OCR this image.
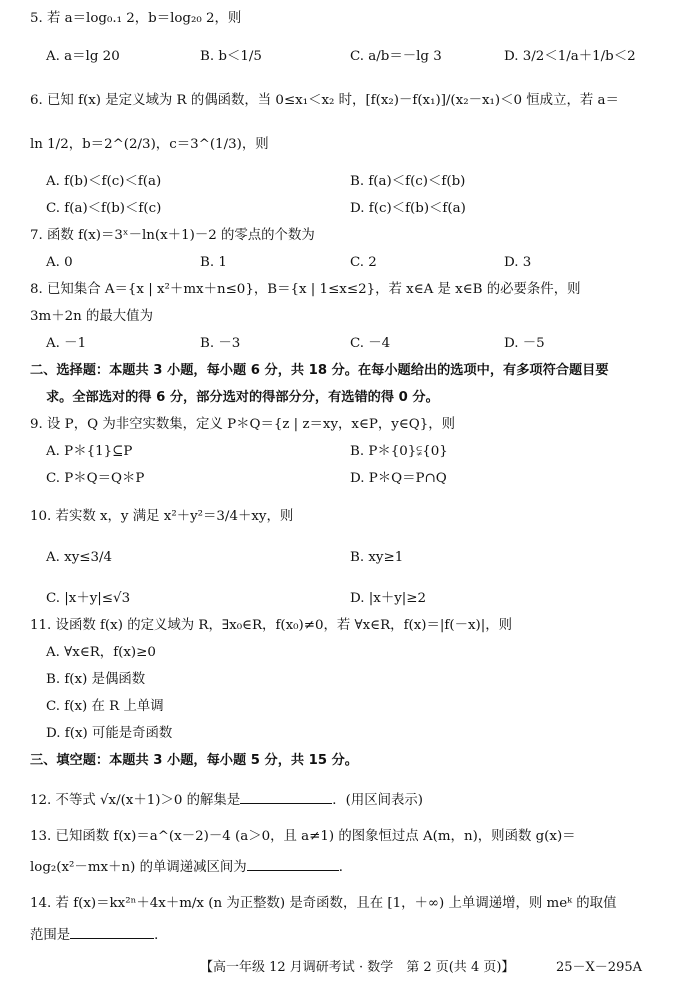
5. 若 a＝log₀.₁ 2，b＝log₂₀ 2，则
A. a＝lg 20	B. b＜1/5	C. a/b＝－lg 3	D. 3/2＜1/a＋1/b＜2
6. 已知 f(x) 是定义域为 R 的偶函数，当 0≤x₁＜x₂ 时，[f(x₂)－f(x₁)]/(x₂－x₁)＜0 恒成立，若 a＝
ln 1/2，b＝2^(2/3)，c＝3^(1/3)，则
A. f(b)＜f(c)＜f(a)	B. f(a)＜f(c)＜f(b)
C. f(a)＜f(b)＜f(c)	D. f(c)＜f(b)＜f(a)
7. 函数 f(x)＝3ˣ－ln(x＋1)－2 的零点的个数为
A. 0	B. 1	C. 2	D. 3
8. 已知集合 A＝{x | x²＋mx＋n≤0}，B＝{x | 1≤x≤2}，若 x∈A 是 x∈B 的必要条件，则
3m＋2n 的最大值为
A. －1	B. －3	C. －4	D. －5
二、选择题：本题共 3 小题，每小题 6 分，共 18 分。在每小题给出的选项中，有多项符合题目要
求。全部选对的得 6 分，部分选对的得部分分，有选错的得 0 分。
9. 设 P，Q 为非空实数集，定义 P＊Q＝{z | z＝xy，x∈P，y∈Q}，则
A. P＊{1}⊆P	B. P＊{0}⫋{0}
C. P＊Q＝Q＊P	D. P＊Q＝P∩Q
10. 若实数 x，y 满足 x²＋y²＝3/4＋xy，则
A. xy≤3/4	B. xy≥1
C. |x＋y|≤√3	D. |x＋y|≥2
11. 设函数 f(x) 的定义域为 R，∃x₀∈R，f(x₀)≠0，若 ∀x∈R，f(x)＝|f(－x)|，则
A. ∀x∈R，f(x)≥0
B. f(x) 是偶函数
C. f(x) 在 R 上单调
D. f(x) 可能是奇函数
三、填空题：本题共 3 小题，每小题 5 分，共 15 分。
12. 不等式 √x/(x＋1)＞0 的解集是	．(用区间表示)
13. 已知函数 f(x)＝a^(x－2)－4 (a＞0，且 a≠1) 的图象恒过点 A(m，n)，则函数 g(x)＝
log₂(x²－mx＋n) 的单调递减区间为	．
14. 若 f(x)＝kx²ⁿ＋4x＋m/x (n 为正整数) 是奇函数，且在 [1，＋∞) 上单调递增，则 meᵏ 的取值
范围是	．
【高一年级 12 月调研考试 · 数学　第 2 页(共 4 页)】	25－X－295A
